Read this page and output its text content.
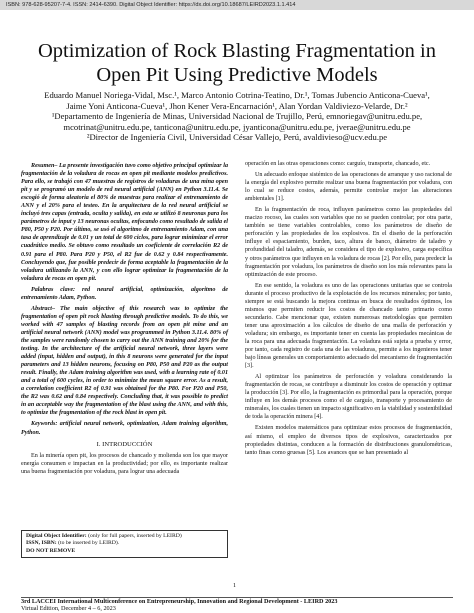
ISBN: 978-628-95207-7-4. ISSN: 2414-6390. Digital Object Identifier: https://dx.doi.org/10.18687/LEIRD2023.1.1.414
Optimization of Rock Blasting Fragmentation in
Open Pit Using Predictive Models
Eduardo Manuel Noriega-Vidal, Msc.¹, Marco Antonio Cotrina-Teatino, Dr.¹, Tomas Jubencio Anticona-Cueva¹,
Jaime Yoni Anticona-Cueva¹, Jhon Kener Vera-Encarnación¹, Alan Yordan Valdiviezo-Velarde, Dr.²
¹Departamento de Ingeniería de Minas, Universidad Nacional de Trujillo, Perú, emnoriegav@unitru.edu.pe,
mcotrinat@unitru.edu.pe, tanticona@unitru.edu.pe, jyanticona@unitru.edu.pe, jverae@unitru.edu.pe
²Director de Ingeniería Civil, Universidad César Vallejo, Perú, avaldivieso@ucv.edu.pe

Resumen– La presente investigación tuvo como objetivo principal optimizar la fragmentación de la voladura de rocas en open pit mediante modelos predictivos. Para ello, se trabajó con 47 muestras de registros de voladuras de una mina open pit y se programó un modelo de red neural artificial (ANN) en Python 3.11.4. Se escogió de forma aleatoria el 80% de muestras para realizar el entrenamiento de ANN y el 20% para el testeo. En la arquitectura de la red neural artificial se incluyó tres capas (entrada, oculta y salida), en esta se utilizó 8 neuronas para los parámetros de input y 13 neuronas ocultas, enfocando como resultado de salida el P80, P50 y P20. Por último, se usó el algoritmo de entrenamiento Adam, con una tasa de aprendizaje de 0.01 y un total de 600 ciclos, para lograr minimizar el error cuadrático medio. Se obtuvo como resultado un coeficiente de correlación R2 de 0.91 para el P80. Para P20 y P50, el R2 fue de 0.62 y 0.84 respectivamente. Concluyendo que, fue posible predecir de forma aceptable la fragmentación de la voladura utilizando la ANN, y con ello lograr optimizar la fragmentación de la voladura de rocas en open pit.

Palabras clave: red neural artificial, optimización, algoritmo de entrenamiento Adam, Python.

Abstract– The main objective of this research was to optimize the fragmentation of open pit rock blasting through predictive models. To do this, we worked with 47 samples of blasting records from an open pit mine and an artificial neural network (ANN) model was programmed in Python 3.11.4. 80% of the samples were randomly chosen to carry out the ANN training and 20% for the testing. In the architecture of the artificial neural network, three layers were added (input, hidden and output), in this 8 neurons were generated for the input parameters and 13 hidden neurons, focusing on P80, P50 and P20 as the output result. Finally, the Adam training algorithm was used, with a learning rate of 0.01 and a total of 600 cycles, in order to minimize the mean square error. As a result, a correlation coefficient R2 of 0.91 was obtained for the P80. For P20 and P50, the R2 was 0.62 and 0.84 respectively. Concluding that, it was possible to predict in an acceptable way the fragmentation of the blast using the ANN, and with this, to optimize the fragmentation of the rock blast in open pit.

Keywords: artificial neural network, optimization, Adam training algorithm, Python.

I. INTRODUCCIÓN

En la minería open pit, los procesos de chancado y molienda son los que mayor energía consumen e impactan en la productividad; por ello, es importante realizar una buena fragmentación por voladura, para lograr una adecuada

Digital Object Identifier: (only for full papers, inserted by LEIRD)
ISSN, ISBN: (to be inserted by LEIRD).
DO NOT REMOVE

operación en las otras operaciones como: carguío, transporte, chancado, etc.

Un adecuado enfoque sistémico de las operaciones de arranque y uso racional de la energía del explosivo permite realizar una buena fragmentación por voladura, con lo cual se reduce costos, además, permite controlar mejor las alteraciones ambientales [1].

En la fragmentación de roca, influyen parámetros como las propiedades del macizo rocoso, las cuales son variables que no se pueden controlar; por otra parte, también se tiene variables controlables, como los parámetros de diseño de perforación y las propiedades de los explosivos. En el diseño de la perforación influye el espaciamiento, burden, taco, altura de banco, diámetro de taladro y profundidad del taladro, además, se considera el tipo de explosivo, carga específica y otros parámetros que influyen en la voladura de rocas [2]. Por ello, para predecir la fragmentación por voladura, los parámetros de diseño son los más relevantes para la optimización de este proceso.

En ese sentido, la voladura es uno de las operaciones unitarias que se controla durante el proceso productivo de la explotación de los recursos minerales; por tanto, siempre se está buscando la mejora continua en busca de resultados óptimos, los mismos que permiten reducir los costos de chancado tanto primario como secundario. Cabe mencionar que, existen numerosas metodologías que permiten tener una aproximación a los cálculos de diseño de una malla de perforación y voladura; sin embargo, es importante tener en cuenta las propiedades mecánicas de la roca para una adecuada fragmentación. La voladura está sujeta a prueba y error, por tanto, cada registro de cada una de las voladuras, permite a los ingenieros tener bajo líneas generales un comportamiento adecuado del mecanismo de fragmentación [3].

Al optimizar los parámetros de perforación y voladura considerando la fragmentación de rocas, se contribuye a disminuir los costos de operación y optimar la producción [3]. Por ello, la fragmentación es primordial para la operación, porque influye en los demás procesos como el de carguío, transporte y procesamiento de minerales, los cuales tienen un impacto significativo en la viabilidad y sostenibilidad de toda la operación minera [4].

Existen modelos matemáticos para optimizar estos procesos de fragmentación, así mismo, el empleo de diversos tipos de explosivos, caracterizados por propiedades distintas, conducen a la formación de distribuciones granulométricas, tanto finas como gruesas [5]. Los avances que se han presentado al

1
3rd LACCEI International Multiconference on Entrepreneurship, Innovation and Regional Development - LEIRD 2023
Virtual Edition, December 4 – 6, 2023
